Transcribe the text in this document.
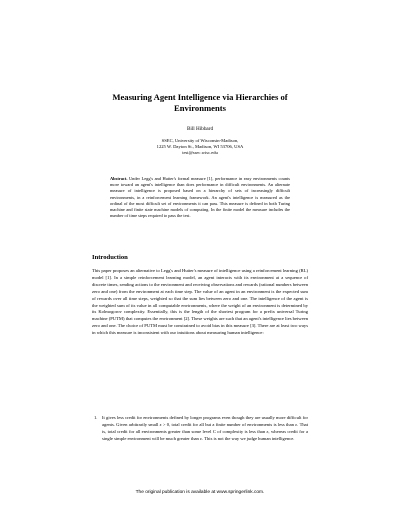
Measuring Agent Intelligence via Hierarchies of
Environments
Bill Hibbard
SSEC, University of Wisconsin-Madison,
1225 W. Dayton St., Madison, WI 53706, USA
test@ssec.wisc.edu
Abstract. Under Legg's and Hutter's formal measure [1], performance in easy environments counts more toward an agent's intelligence than does performance in difficult environments. An alternate measure of intelligence is proposed based on a hierarchy of sets of increasingly difficult environments, in a reinforcement learning framework. An agent's intelligence is measured as the ordinal of the most difficult set of environments it can pass. This measure is defined in both Turing machine and finite state machine models of computing. In the finite model the measure includes the number of time steps required to pass the test.
Introduction
This paper proposes an alternative to Legg's and Hutter's measure of intelligence using a reinforcement learning (RL) model [1]. In a simple reinforcement learning model, an agent interacts with its environment at a sequence of discrete times, sending actions to the environment and receiving observations and rewards (rational numbers between zero and one) from the environment at each time step. The value of an agent in an environment is the expected sum of rewards over all time steps, weighted so that the sum lies between zero and one. The intelligence of the agent is the weighted sum of its value in all computable environments, where the weight of an environment is determined by its Kolmogorov complexity. Essentially, this is the length of the shortest program for a prefix universal Turing machine (PUTM) that computes the environment [2]. These weights are such that an agent's intelligence lies between zero and one. The choice of PUTM must be constrained to avoid bias in this measure [3]. There are at least two ways in which this measure is inconsistent with our intuitions about measuring human intelligence:
1. It gives less credit for environments defined by longer programs even though they are usually more difficult for agents. Given arbitrarily small ε > 0, total credit for all but a finite number of environments is less than ε. That is, total credit for all environments greater than some level C of complexity is less than ε, whereas credit for a single simple environment will be much greater than ε. This is not the way we judge human intelligence.
The original publication is available at www.springerlink.com.
